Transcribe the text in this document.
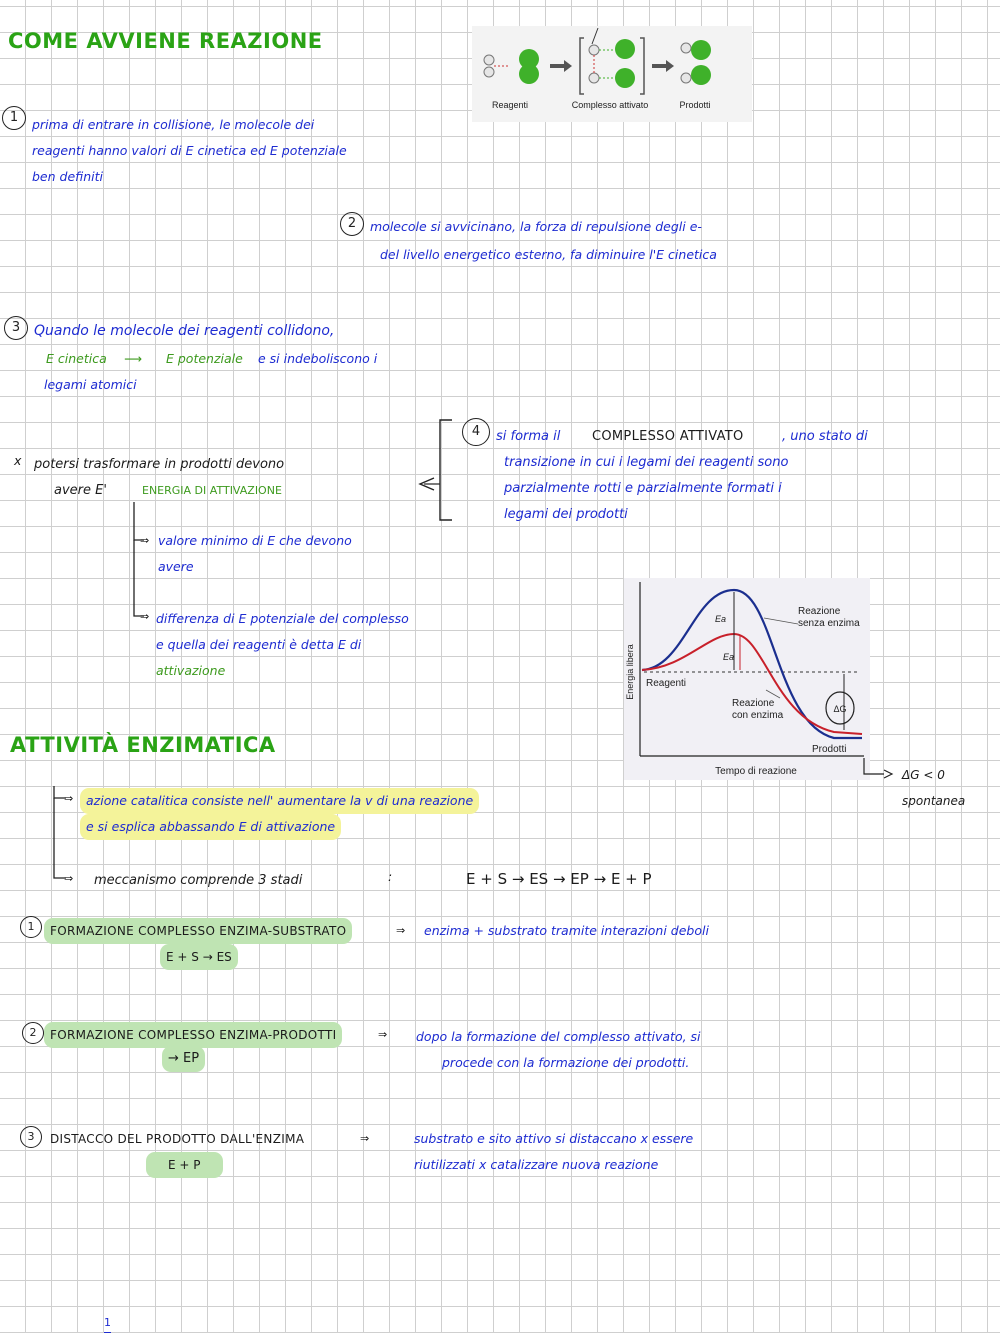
COME AVVIENE REAZIONE
Reagenti	Complesso attivato	Prodotti
1	prima di entrare in collisione, le molecole dei
reagenti hanno valori di E cinetica ed E potenziale
ben definiti
2	molecole si avvicinano, la forza di repulsione degli e-
del livello energetico esterno, fa diminuire l'E cinetica
3 Quando le molecole dei reagenti collidono,
E cinetica ⟶ E potenziale e si indeboliscono i
legami atomici
4	si forma il COMPLESSO ATTIVATO	, uno stato di
transizione in cui i legami dei reagenti sono
parzialmente rotti e parzialmente formati i
legami dei prodotti
x potersi trasformare in prodotti devono
avere E'	ENERGIA DI ATTIVAZIONE
⇒ valore minimo di E che devono
avere
⇒ differenza di E potenziale del complesso
e quella dei reagenti è detta E di
attivazione	Energia libera
Tempo di reazione
Reazione
senza enzima
Reazione
con enzima
Reagenti
Prodotti
Ea
Ea
ΔG
ΔG < 0
spontanea
ATTIVITÀ ENZIMATICA
⇒	azione catalitica consiste nell' aumentare la v di una reazione
e si esplica abbassando E di attivazione
⇒ meccanismo comprende 3 stadi	:	E + S → ES → EP → E + P
1	FORMAZIONE COMPLESSO ENZIMA-SUBSTRATO
E + S → ES
⇒ enzima + substrato tramite interazioni deboli
2	FORMAZIONE COMPLESSO ENZIMA-PRODOTTI
→ EP
⇒ dopo la formazione del complesso attivato, si
procede con la formazione dei prodotti.
3	DISTACCO DEL PRODOTTO DALL'ENZIMA
E + P
⇒	substrato e sito attivo si distaccano x essere
riutilizzati x catalizzare nuova reazione
1
